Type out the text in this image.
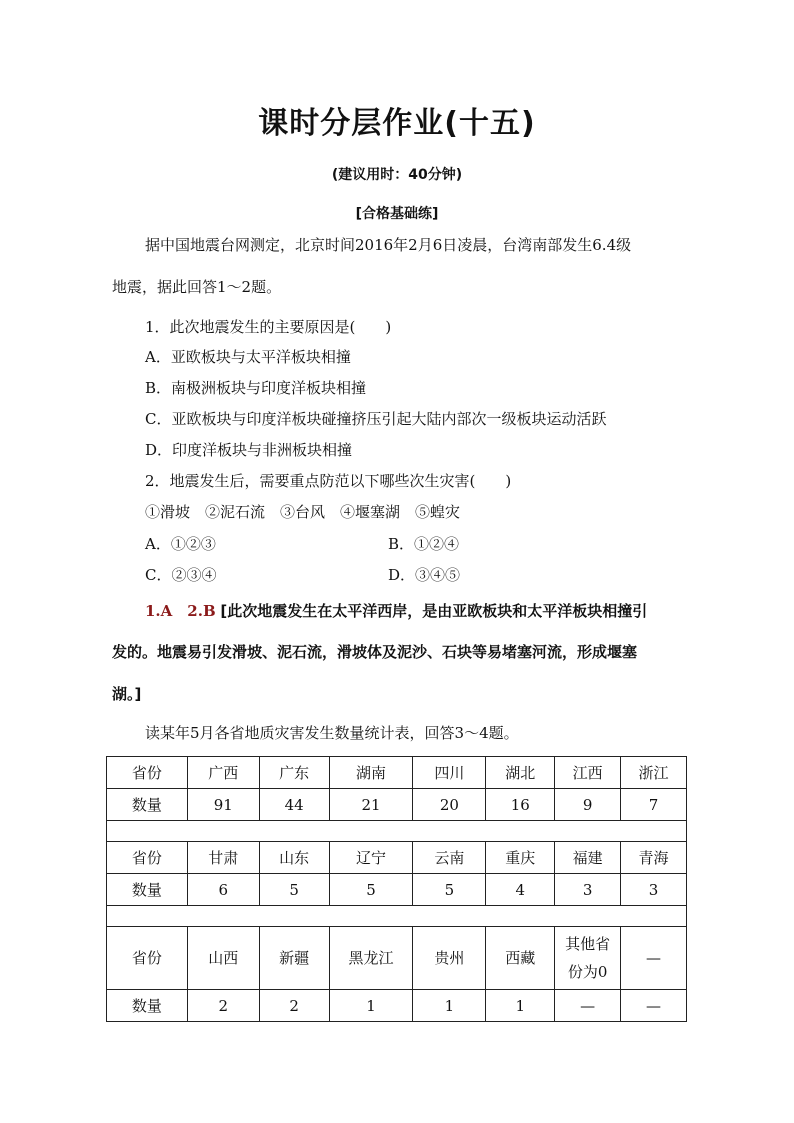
课时分层作业(十五)
(建议用时：40分钟)
[合格基础练]
据中国地震台网测定，北京时间2016年2月6日凌晨，台湾南部发生6.4级
地震，据此回答1～2题。
1．此次地震发生的主要原因是(　　)
A．亚欧板块与太平洋板块相撞
B．南极洲板块与印度洋板块相撞
C．亚欧板块与印度洋板块碰撞挤压引起大陆内部次一级板块运动活跃
D．印度洋板块与非洲板块相撞
2．地震发生后，需要重点防范以下哪些次生灾害(　　)
①滑坡　②泥石流　③台风　④堰塞湖　⑤蝗灾
A．①②③	B．①②④
C．②③④	D．③④⑤
1.A　2.B [此次地震发生在太平洋西岸，是由亚欧板块和太平洋板块相撞引
发的。地震易引发滑坡、泥石流，滑坡体及泥沙、石块等易堵塞河流，形成堰塞
湖。]
读某年5月各省地质灾害发生数量统计表，回答3～4题。
省份	广西	广东	湖南	四川	湖北	江西	浙江
数量	91	44	21	20	16	9	7

省份	甘肃	山东	辽宁	云南	重庆	福建	青海
数量	6	5	5	5	4	3	3

省份	山西	新疆	黑龙江	贵州	西藏	其他省份为0	—
数量	2	2	1	1	1	—	—
